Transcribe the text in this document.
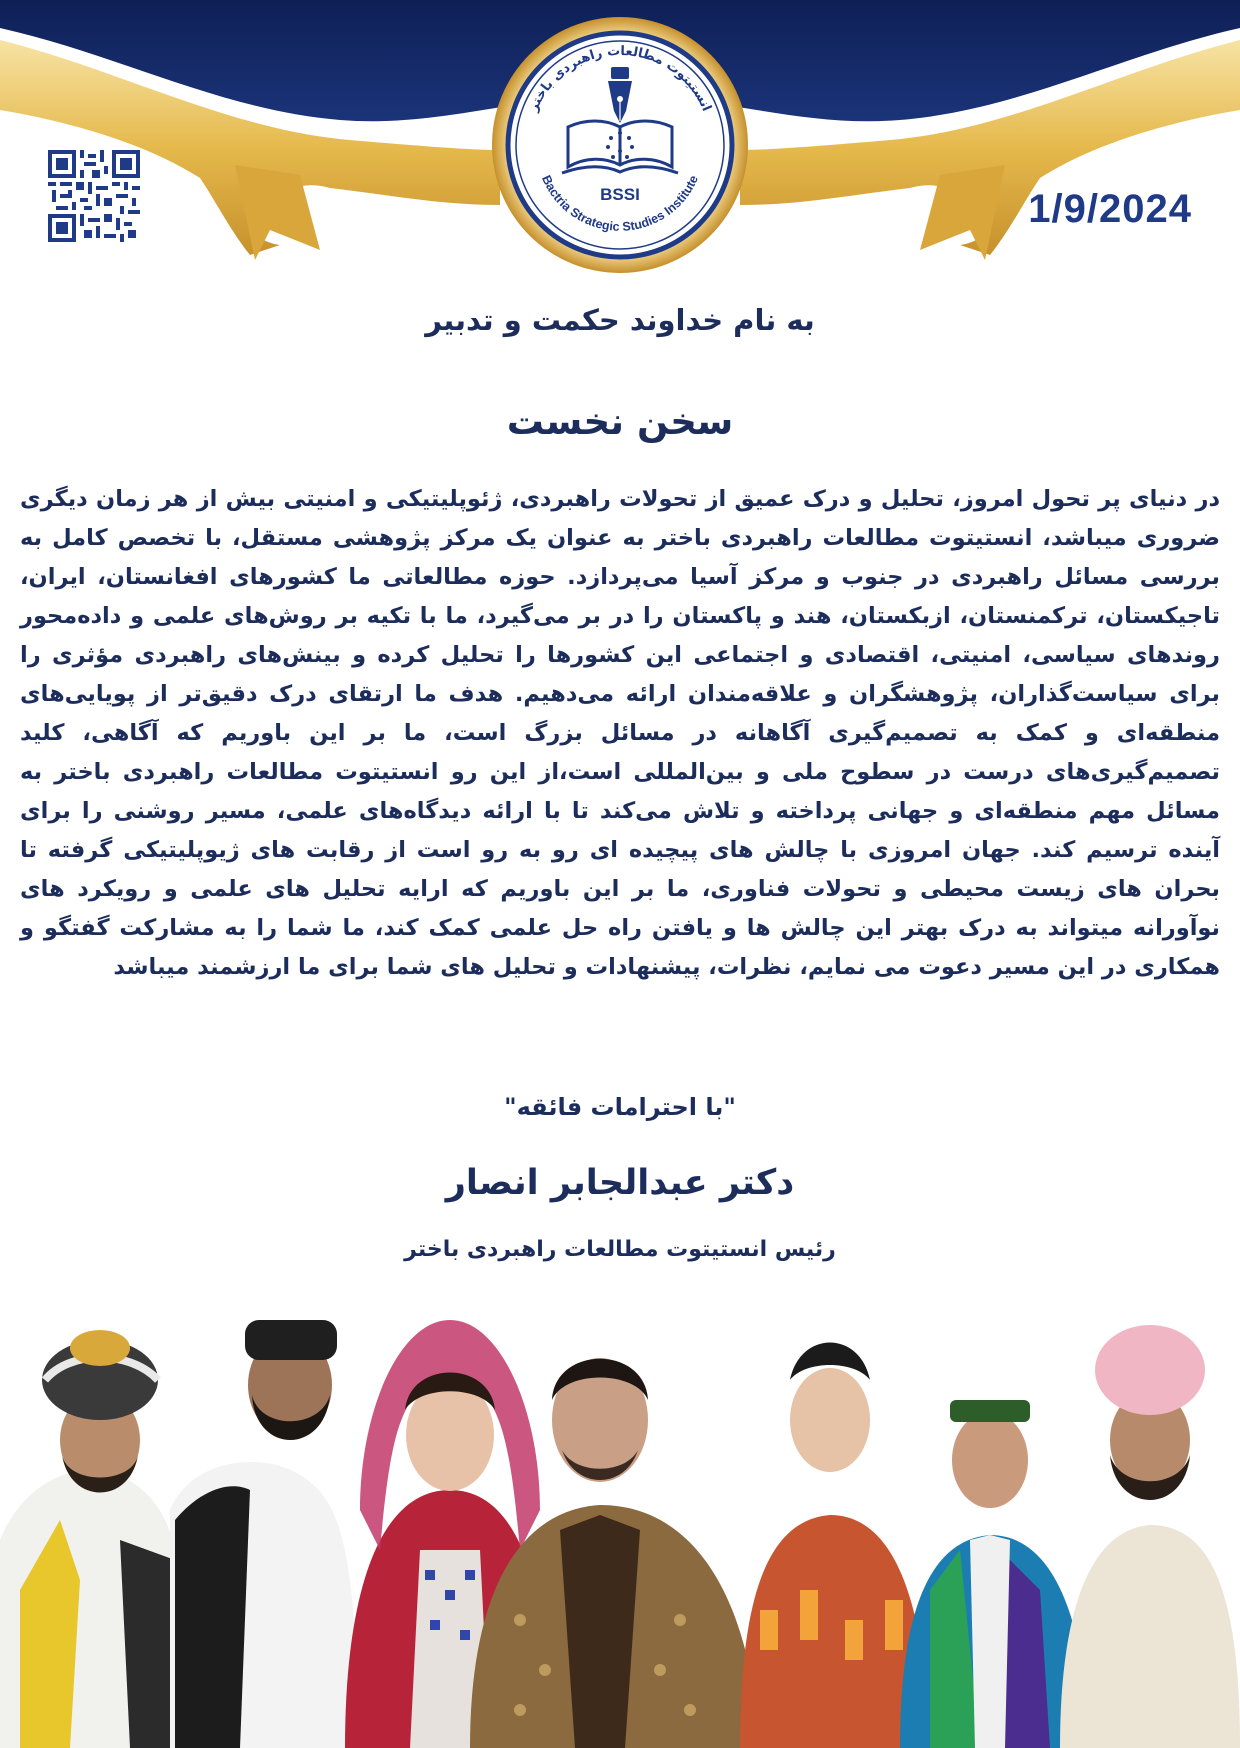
1/9/2024
انستیتوت مطالعات راهبردی باختر
Bactria Strategic Studies Institute
BSSI
به نام خداوند حکمت و تدبیر
سخن نخست
در دنیای پر تحول امروز، تحلیل و درک عمیق از تحولات راهبردی، ژئوپلیتیکی و امنیتی بیش از هر زمان دیگری ضروری میباشد، انستیتوت مطالعات راهبردی باختر به عنوان یک مرکز پژوهشی مستقل، با تخصص کامل به بررسی مسائل راهبردی در جنوب و مرکز آسیا می‌پردازد. حوزه مطالعاتی ما کشورهای افغانستان، ایران، تاجیکستان، ترکمنستان، ازبکستان، هند و پاکستان را در بر می‌گیرد، ما با تکیه بر روش‌های علمی و داده‌محور روندهای سیاسی، امنیتی، اقتصادی و اجتماعی این کشورها را تحلیل کرده و بینش‌های راهبردی مؤثری را برای سیاست‌گذاران، پژوهشگران و علاقه‌مندان ارائه می‌دهیم. هدف ما ارتقای درک دقیق‌تر از پویایی‌های منطقه‌ای و کمک به تصمیم‌گیری آگاهانه در مسائل بزرگ است، ما بر این باوریم که آگاهی، کلید تصمیم‌گیری‌های درست در سطوح ملی و بین‌المللی است،از این رو انستیتوت مطالعات راهبردی باختر به مسائل مهم منطقه‌ای و جهانی پرداخته و تلاش می‌کند تا با ارائه دیدگاه‌های علمی، مسیر روشنی را برای آینده ترسیم کند. جهان امروزی با چالش های پیچیده ای رو به رو است از رقابت های ژیوپلیتیکی گرفته تا بحران های زیست محیطی و تحولات فناوری، ما بر این باوریم که ارایه تحلیل های علمی و رویکرد های نوآورانه میتواند به درک بهتر این چالش ها و یافتن راه حل علمی کمک کند، ما شما را به مشارکت گفتگو و همکاری در این مسیر دعوت می نمایم، نظرات، پیشنهادات و تحلیل های شما برای ما ارزشمند میباشد
"با احترامات فائقه"
دکتر عبدالجابر انصار
رئیس انستیتوت مطالعات راهبردی باختر
